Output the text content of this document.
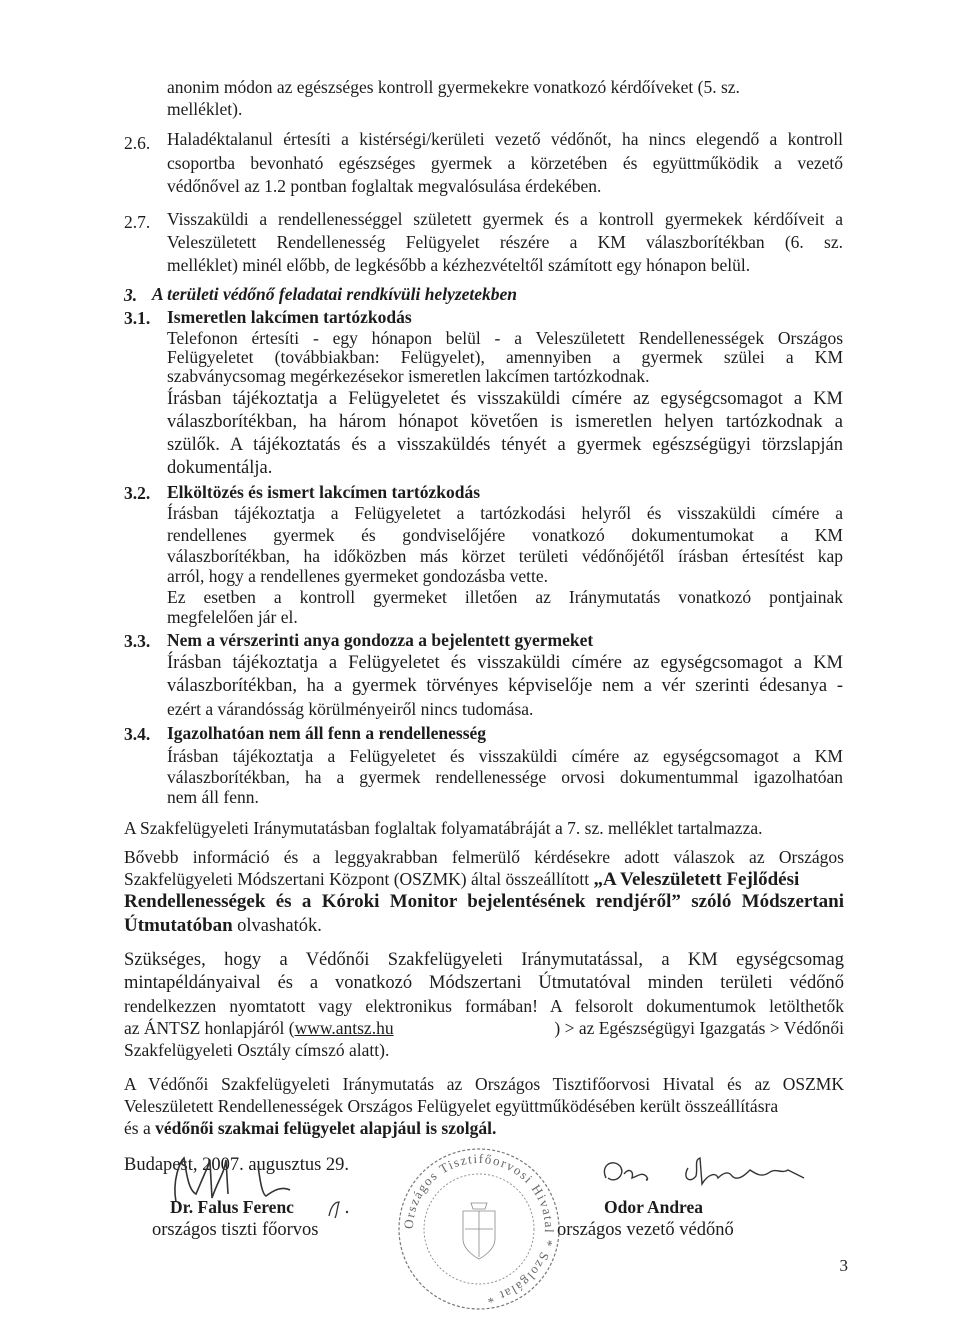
anonim módon az egészséges kontroll gyermekekre vonatkozó kérdőíveket (5. sz.
melléklet).
2.6. Haladéktalanul értesíti a kistérségi/kerületi vezető védőnőt, ha nincs elegendő a kontroll
csoportba bevonható egészséges gyermek a körzetében és együttműködik a vezető
védőnővel az 1.2 pontban foglaltak megvalósulása érdekében.
2.7. Visszaküldi a rendellenességgel született gyermek és a kontroll gyermekek kérdőíveit a
Veleszületett Rendellenesség Felügyelet részére a KM válaszborítékban (6. sz.
melléklet) minél előbb, de legkésőbb a kézhezvételtől számított egy hónapon belül.
3. A területi védőnő feladatai rendkívüli helyzetekben
3.1. Ismeretlen lakcímen tartózkodás
Telefonon értesíti - egy hónapon belül - a Veleszületett Rendellenességek Országos
Felügyeletet (továbbiakban: Felügyelet), amennyiben a gyermek szülei a KM
szabványcsomag megérkezésekor ismeretlen lakcímen tartózkodnak.
Írásban tájékoztatja a Felügyeletet és visszaküldi címére az egységcsomagot a KM
válaszborítékban, ha három hónapot követően is ismeretlen helyen tartózkodnak a
szülők. A tájékoztatás és a visszaküldés tényét a gyermek egészségügyi törzslapján
dokumentálja.
3.2. Elköltözés és ismert lakcímen tartózkodás
Írásban tájékoztatja a Felügyeletet a tartózkodási helyről és visszaküldi címére a
rendellenes gyermek és gondviselőjére vonatkozó dokumentumokat a KM
válaszborítékban, ha időközben más körzet területi védőnőjétől írásban értesítést kap
arról, hogy a rendellenes gyermeket gondozásba vette.
Ez esetben a kontroll gyermeket illetően az Iránymutatás vonatkozó pontjainak
megfelelően jár el.
3.3. Nem a vérszerinti anya gondozza a bejelentett gyermeket
Írásban tájékoztatja a Felügyeletet és visszaküldi címére az egységcsomagot a KM
válaszborítékban, ha a gyermek törvényes képviselője nem a vér szerinti édesanya -
ezért a várandósság körülményeiről nincs tudomása.
3.4. Igazolhatóan nem áll fenn a rendellenesség
Írásban tájékoztatja a Felügyeletet és visszaküldi címére az egységcsomagot a KM
válaszborítékban, ha a gyermek rendellenessége orvosi dokumentummal igazolhatóan
nem áll fenn.
A Szakfelügyeleti Iránymutatásban foglaltak folyamatábráját a 7. sz. melléklet tartalmazza.
Bővebb információ és a leggyakrabban felmerülő kérdésekre adott válaszok az Országos
Szakfelügyeleti Módszertani Központ (OSZMK) által összeállított „A Veleszületett Fejlődési
Rendellenességek és a Kóroki Monitor bejelentésének rendjéről” szóló Módszertani
Útmutatóban olvashatók.
Szükséges, hogy a Védőnői Szakfelügyeleti Iránymutatással, a KM egységcsomag
mintapéldányaival és a vonatkozó Módszertani Útmutatóval minden területi védőnő
rendelkezzen nyomtatott vagy elektronikus formában! A felsorolt dokumentumok letölthetők
az ÁNTSZ honlapjáról (www.antsz.hu	) > az Egészségügyi Igazgatás > Védőnői
Szakfelügyeleti Osztály címszó alatt).
A Védőnői Szakfelügyeleti Iránymutatás az Országos Tisztifőorvosi Hivatal és az OSZMK
Veleszületett Rendellenességek Országos Felügyelet együttműködésében került összeállításra
és a védőnői szakmai felügyelet alapjául is szolgál.
Budapest, 2007. augusztus 29.
Dr. Falus Ferenc
országos tiszti főorvos	Országos Tisztifőorvosi Hivatal * Szolgálat *
Odor Andrea
országos vezető védőnő
3
